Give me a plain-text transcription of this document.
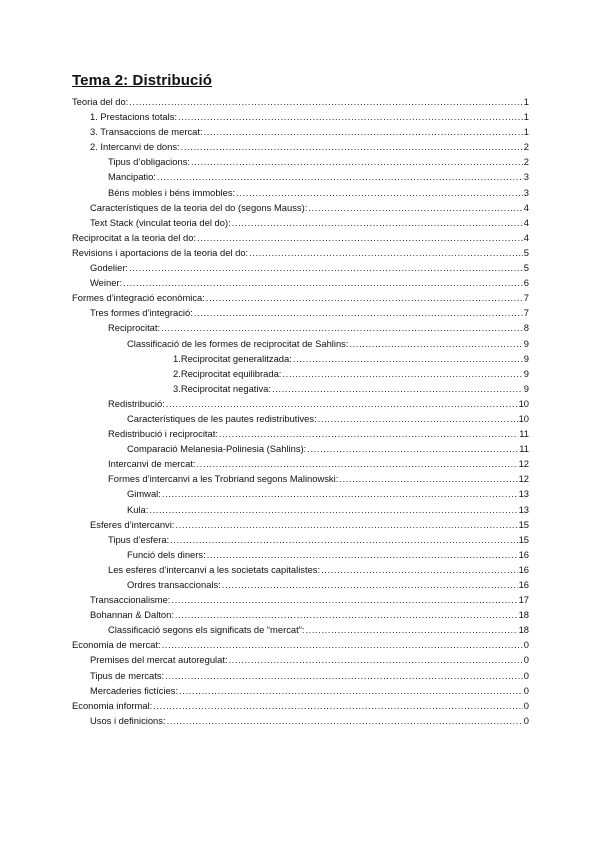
Tema 2: Distribució
Teoria del do: .....	1
1. Prestacions totals: .....	1
3. Transaccions de mercat: .....	1
2. Intercanvi de dons: .....	2
Tipus d’obligacions: .....	2
Mancipatio: .....	3
Béns mobles i béns immobles: .....	3
Característiques de la teoria del do (segons Mauss): .....	4
Text Stack (vinculat teoria del do): .....	4
Reciprocitat a la teoria del do: .....	4
Revisions i aportacions de la teoria del do: .....	5
Godelier: .....	5
Weiner: .....	6
Formes d’integració econòmica: .....	7
Tres formes d’integració: .....	7
Reciprocitat: .....	8
Classificació de les formes de reciprocitat de Sahlins: .....	9
1.Reciprocitat generalitzada: .....	9
2.Reciprocitat equilibrada: .....	9
3.Reciprocitat negativa: .....	9
Redistribució: .....	10
Característiques de les pautes redistributives: .....	10
Redistribució i reciprocitat: .....	11
Comparació Melanesia-Polinesia (Sahlins): .....	11
Intercanvi de mercat: .....	12
Formes d’intercanvi a les Trobriand segons Malinowski: .....	12
Gimwal: .....	13
Kula: .....	13
Esferes d’intercanvi: .....	15
Tipus d’esfera: .....	15
Funció dels diners: .....	16
Les esferes d’intercanvi a les societats capitalistes: .....	16
Ordres transaccionals: .....	16
Transaccionalisme: .....	17
Bohannan & Dalton: .....	18
Classificació segons els significats de “mercat”: .....	18
Economia de mercat: .....	0
Premises del mercat autoregulat: .....	0
Tipus de mercats: .....	0
Mercaderies fictícies: .....	0
Economia informal: .....	0
Usos i definicions: .....	0
